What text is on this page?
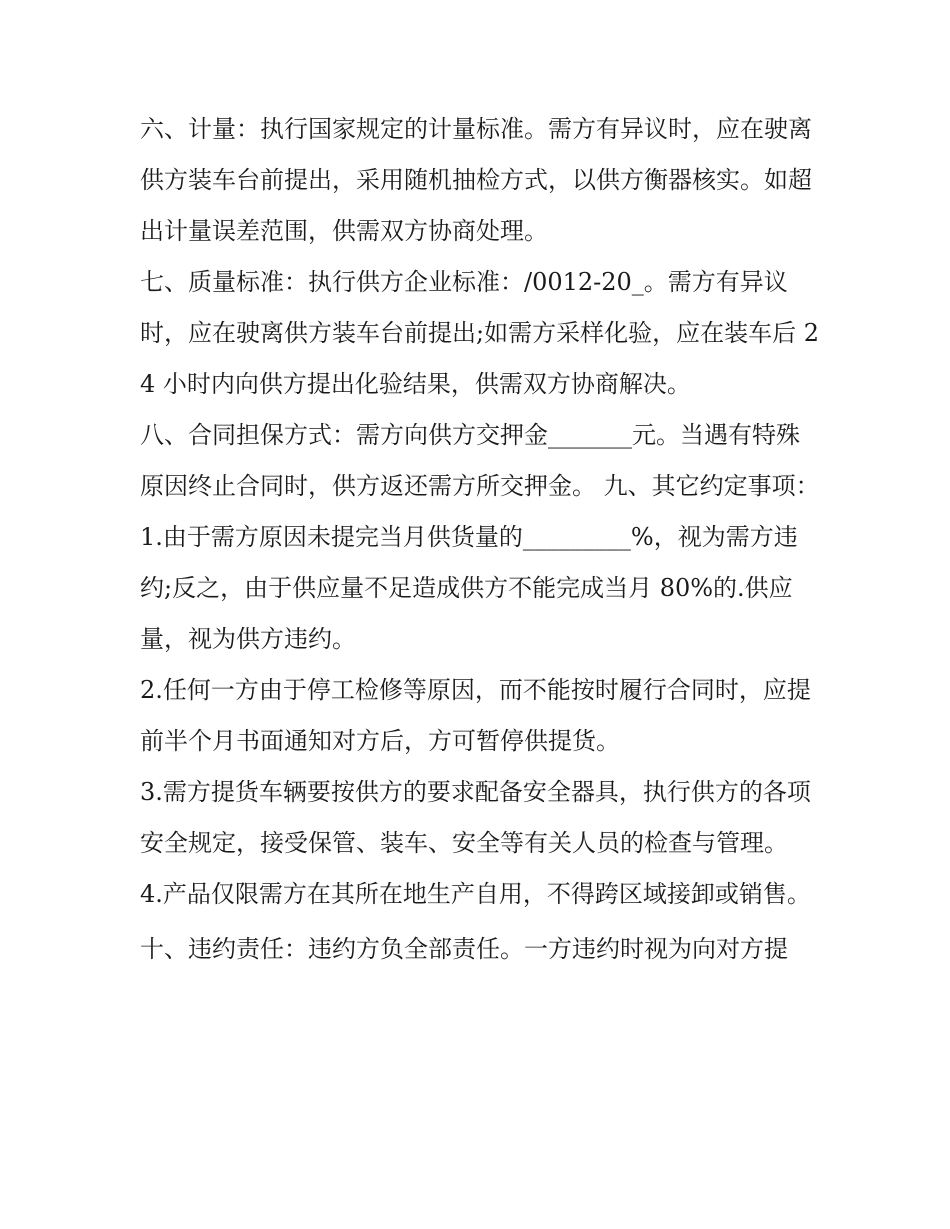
六、计量：执行国家规定的计量标准。需方有异议时，应在驶离供方装车台前提出，采用随机抽检方式，以供方衡器核实。如超出计量误差范围，供需双方协商处理。

七、质量标准：执行供方企业标准：/0012-20_。需方有异议时，应在驶离供方装车台前提出;如需方采样化验，应在装车后 24 小时内向供方提出化验结果，供需双方协商解决。

八、合同担保方式：需方向供方交押金_______元。当遇有特殊原因终止合同时，供方返还需方所交押金。 九、其它约定事项：

1.由于需方原因未提完当月供货量的_________%，视为需方违约;反之，由于供应量不足造成供方不能完成当月 80%的.供应量，视为供方违约。

2.任何一方由于停工检修等原因，而不能按时履行合同时，应提前半个月书面通知对方后，方可暂停供提货。

3.需方提货车辆要按供方的要求配备安全器具，执行供方的各项安全规定，接受保管、装车、安全等有关人员的检查与管理。

4.产品仅限需方在其所在地生产自用，不得跨区域接卸或销售。

十、违约责任：违约方负全部责任。一方违约时视为向对方提
